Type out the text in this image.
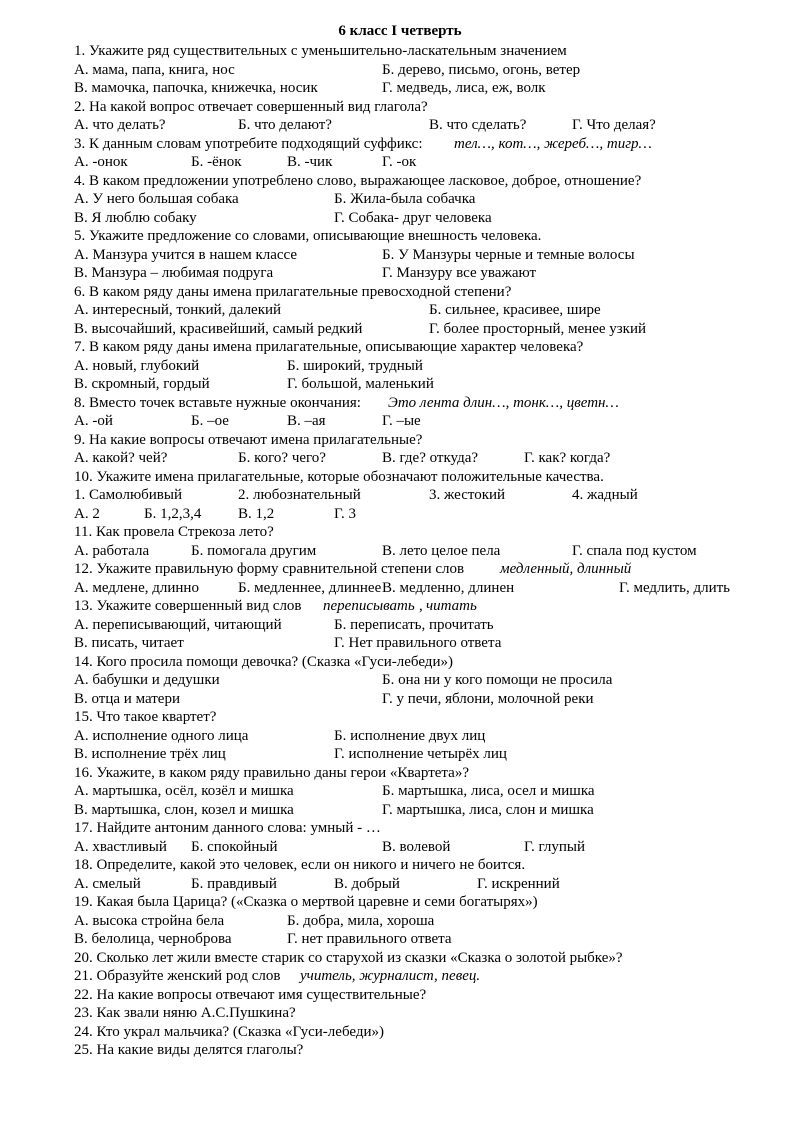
6 класс I четверть
1. Укажите ряд существительных с уменьшительно-ласкательным значением
А. мама, папа, книга, нос	Б. дерево, письмо, огонь, ветер
В. мамочка, папочка, книжечка, носик	Г. медведь, лиса, еж, волк
2. На какой вопрос отвечает совершенный вид глагола?
А. что делать?	Б. что делают?	В. что сделать?	Г. Что делая?
3. К данным словам употребите подходящий суффикс: тел…, кот…, жереб…, тигр…
А. -онок	Б. -ёнок	В. -чик	Г. -ок
4. В каком предложении употреблено слово, выражающее ласковое, доброе, отношение?
А. У него большая собака	Б. Жила-была собачка
В. Я люблю собаку	Г. Собака- друг человека
5. Укажите предложение со словами, описывающие внешность человека.
А. Манзура учится в нашем классе	Б. У Манзуры черные и темные волосы
В. Манзура – любимая подруга	Г. Манзуру все уважают
6. В каком ряду даны имена прилагательные превосходной степени?
А. интересный, тонкий, далекий	Б. сильнее, красивее, шире
В. высочайший, красивейший, самый редкий	Г. более просторный, менее узкий
7. В каком ряду даны имена прилагательные, описывающие характер человека?
А. новый, глубокий	Б. широкий, трудный
В. скромный, гордый	Г. большой, маленький
8. Вместо точек вставьте нужные окончания: Это лента длин…, тонк…, цветн…
А. -ой	Б. –ое	В. –ая	Г. –ые
9. На какие вопросы отвечают имена прилагательные?
А. какой? чей?	Б. кого? чего?	В. где? откуда?	Г. как? когда?
10. Укажите имена прилагательные, которые обозначают положительные качества.
1. Самолюбивый	2. любознательный	3. жестокий	4. жадный
А. 2	Б. 1,2,3,4 В. 1,2	Г. 3
11. Как провела Стрекоза лето?
А. работала	Б. помогала другим	В. лето целое пела	Г. спала под кустом
12. Укажите правильную форму сравнительной степени слов медленный, длинный
А. медлене, длинно	Б. медленнее, длиннее В. медленно, длинен	Г. медлить, длить
13. Укажите совершенный вид слов переписывать , читать
А. переписывающий, читающий	Б. переписать, прочитать
В. писать, читает	Г. Нет правильного ответа
14. Кого просила помощи девочка? (Сказка «Гуси-лебеди»)
А. бабушки и дедушки	Б. она ни у кого помощи не просила
В. отца и матери	Г. у печи, яблони, молочной реки
15. Что такое квартет?
А. исполнение одного лица	Б. исполнение двух лиц
В. исполнение трёх лиц	Г. исполнение четырёх лиц
16. Укажите, в каком ряду правильно даны герои «Квартета»?
А. мартышка, осёл, козёл и мишка	Б. мартышка, лиса, осел и мишка
В. мартышка, слон, козел и мишка	Г. мартышка, лиса, слон и мишка
17. Найдите антоним данного слова: умный - …
А. хвастливый Б. спокойный	В. волевой	Г. глупый
18. Определите, какой это человек, если он никого и ничего не боится.
А. смелый	Б. правдивый	В. добрый	Г. искренний
19. Какая была Царица? («Сказка о мертвой царевне и семи богатырях»)
А. высока стройна бела	Б. добра, мила, хороша
В. белолица, черноброва	Г. нет правильного ответа
20. Сколько лет жили вместе старик со старухой из сказки «Сказка о золотой рыбке»?
21. Образуйте женский род слов учитель, журналист, певец.
22. На какие вопросы отвечают имя существительные?
23. Как звали няню А.С.Пушкина?
24. Кто украл мальчика? (Сказка «Гуси-лебеди»)
25. На какие виды делятся глаголы?
